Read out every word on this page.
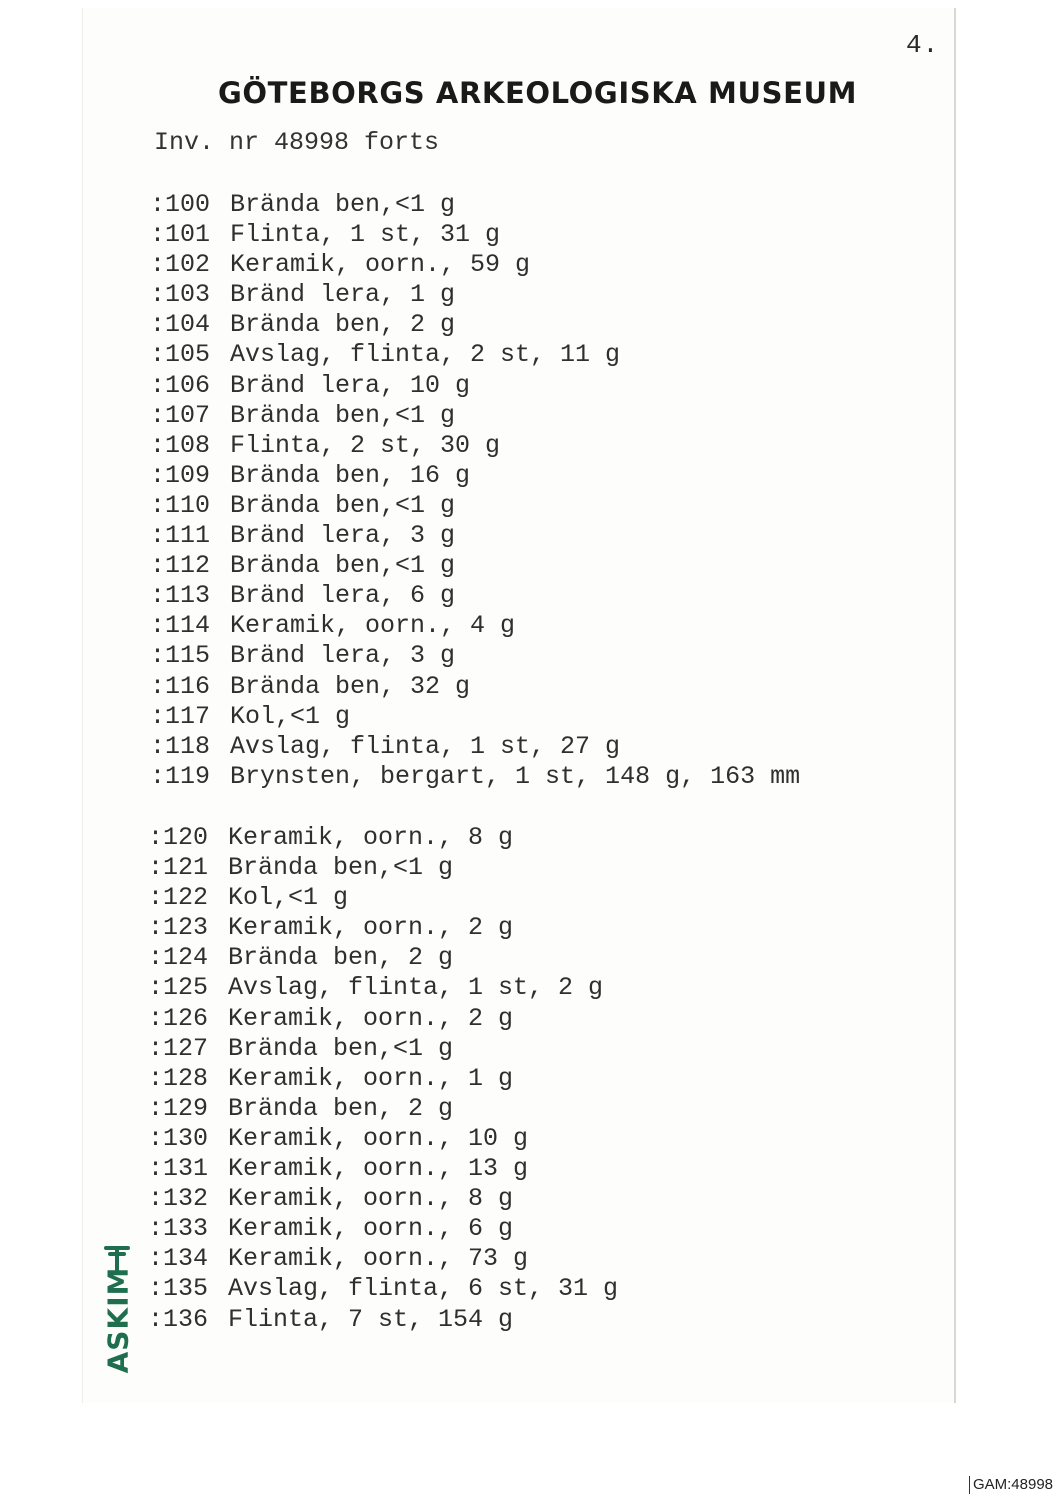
4.
GÖTEBORGS ARKEOLOGISKA MUSEUM
Inv. nr 48998 forts
:100 Brända ben,<1 g
:101 Flinta, 1 st, 31 g
:102 Keramik, oorn., 59 g
:103 Bränd lera, 1 g
:104 Brända ben, 2 g
:105 Avslag, flinta, 2 st, 11 g
:106 Bränd lera, 10 g
:107 Brända ben,<1 g
:108 Flinta, 2 st, 30 g
:109 Brända ben, 16 g
:110 Brända ben,<1 g
:111 Bränd lera, 3 g
:112 Brända ben,<1 g
:113 Bränd lera, 6 g
:114 Keramik, oorn., 4 g
:115 Bränd lera, 3 g
:116 Brända ben, 32 g
:117 Kol,<1 g
:118 Avslag, flinta, 1 st, 27 g
:119 Brynsten, bergart, 1 st, 148 g, 163 mm
:120 Keramik, oorn., 8 g
:121 Brända ben,<1 g
:122 Kol,<1 g
:123 Keramik, oorn., 2 g
:124 Brända ben, 2 g
:125 Avslag, flinta, 1 st, 2 g
:126 Keramik, oorn., 2 g
:127 Brända ben,<1 g
:128 Keramik, oorn., 1 g
:129 Brända ben, 2 g
:130 Keramik, oorn., 10 g
:131 Keramik, oorn., 13 g
:132 Keramik, oorn., 8 g
:133 Keramik, oorn., 6 g
:134 Keramik, oorn., 73 g
:135 Avslag, flinta, 6 st, 31 g
:136 Flinta, 7 st, 154 g
ASKIM
GAM:48998
